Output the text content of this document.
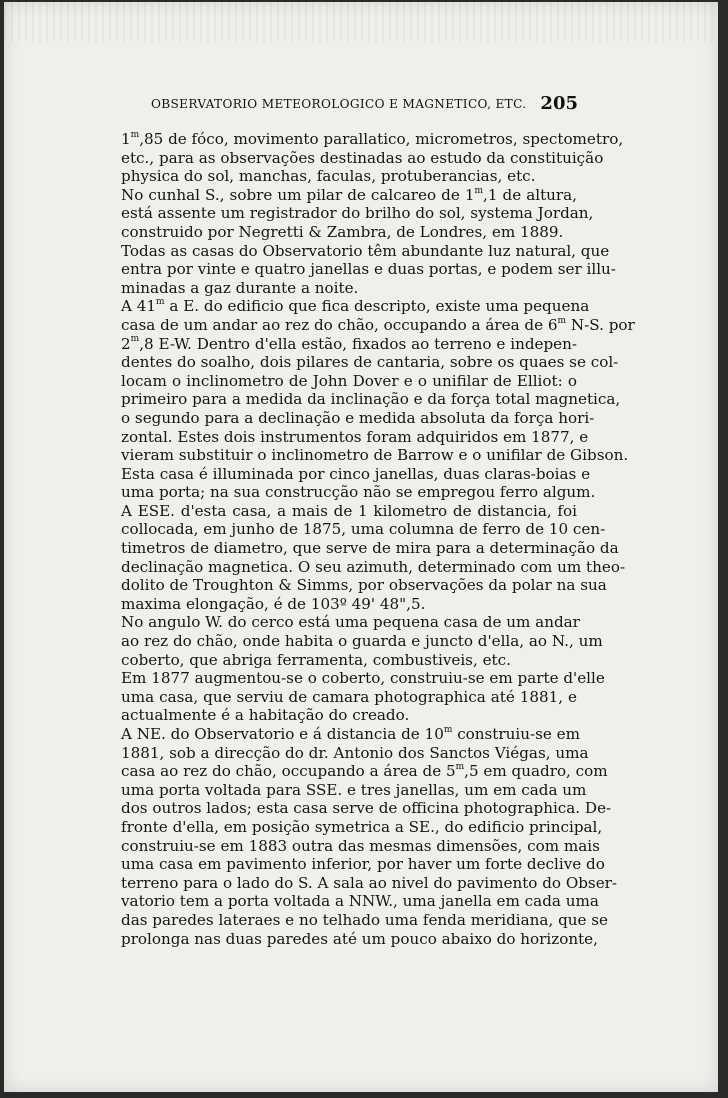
OBSERVATORIO METEOROLOGICO E MAGNETICO, ETC. 205
1$^m$,85 de fóco, movimento parallatico, micrometros, spectometro,
etc., para as observações destinadas ao estudo da constituição
physica do sol, manchas, faculas, protuberancias, etc.
No cunhal S., sobre um pilar de calcareo de 1$^m$,1 de altura,
está assente um registrador do brilho do sol, systema Jordan,
construido por Negretti & Zambra, de Londres, em 1889.
Todas as casas do Observatorio têm abundante luz natural, que
entra por vinte e quatro janellas e duas portas, e podem ser illu-
minadas a gaz durante a noite.
A 41$^m$ a E. do edificio que fica descripto, existe uma pequena
casa de um andar ao rez do chão, occupando a área de 6$^m$ N-S. por
2$^m$,8 E-W. Dentro d'ella estão, fixados ao terreno e indepen-
dentes do soalho, dois pilares de cantaria, sobre os quaes se col-
locam o inclinometro de John Dover e o unifilar de Elliot: o
primeiro para a medida da inclinação e da força total magnetica,
o segundo para a declinação e medida absoluta da força hori-
zontal. Estes dois instrumentos foram adquiridos em 1877, e
vieram substituir o inclinometro de Barrow e o unifilar de Gibson.
Esta casa é illuminada por cinco janellas, duas claras-boias e
uma porta; na sua construcção não se empregou ferro algum.
A ESE. d'esta casa, a mais de 1 kilometro de distancia, foi
collocada, em junho de 1875, uma columna de ferro de 10 cen-
timetros de diametro, que serve de mira para a determinação da
declinação magnetica. O seu azimuth, determinado com um theo-
dolito de Troughton & Simms, por observações da polar na sua
maxima elongação, é de 103º 49' 48",5.
No angulo W. do cerco está uma pequena casa de um andar
ao rez do chão, onde habita o guarda e juncto d'ella, ao N., um
coberto, que abriga ferramenta, combustiveis, etc.
Em 1877 augmentou-se o coberto, construiu-se em parte d'elle
uma casa, que serviu de camara photographica até 1881, e
actualmente é a habitação do creado.
A NE. do Observatorio e á distancia de 10$^m$ construiu-se em
1881, sob a direcção do dr. Antonio dos Sanctos Viégas, uma
casa ao rez do chão, occupando a área de 5$^m$,5 em quadro, com
uma porta voltada para SSE. e tres janellas, um em cada um
dos outros lados; esta casa serve de officina photographica. De-
fronte d'ella, em posição symetrica a SE., do edificio principal,
construiu-se em 1883 outra das mesmas dimensões, com mais
uma casa em pavimento inferior, por haver um forte declive do
terreno para o lado do S. A sala ao nivel do pavimento do Obser-
vatorio tem a porta voltada a NNW., uma janella em cada uma
das paredes lateraes e no telhado uma fenda meridiana, que se
prolonga nas duas paredes até um pouco abaixo do horizonte,
